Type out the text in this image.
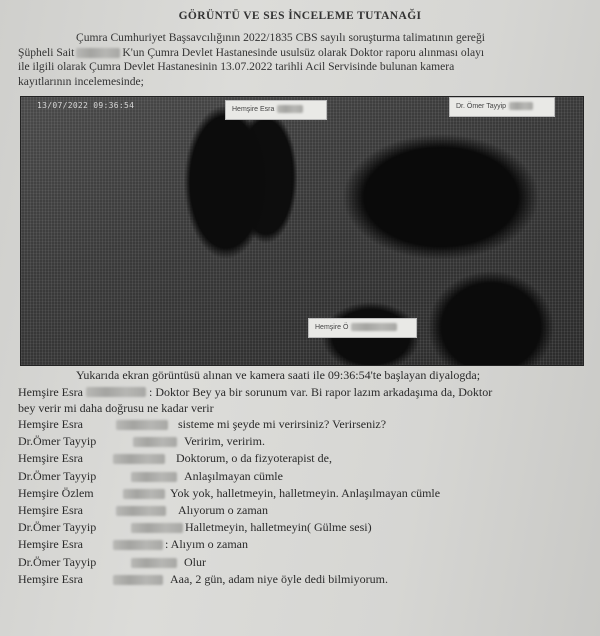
GÖRÜNTÜ VE SES İNCELEME TUTANAĞI
Çumra Cumhuriyet Başsavcılığının 2022/1835 CBS sayılı soruşturma talimatının gereği
Şüpheli Sait	K'un Çumra Devlet Hastanesinde usulsüz olarak Doktor raporu alınması olayı
ile ilgili olarak Çumra Devlet Hastanesinin 13.07.2022 tarihli Acil Servisinde bulunan kamera
kayıtlarının incelemesinde;
13/07/2022 09:36:54	Hemşire Esra	Dr. Ömer Tayyip
Hemşire Ö
Yukarıda ekran görüntüsü alınan ve kamera saati ile 09:36:54'te başlayan diyalogda;
Hemşire Esra	: Doktor Bey ya bir sorunum var. Bi rapor lazım arkadaşıma da, Doktor
bey verir mi daha doğrusu ne kadar verir
Hemşire Esra	sisteme mi şeyde mi verirsiniz? Verirseniz?
Dr.Ömer Tayyip	Veririm, veririm.
Hemşire Esra	Doktorum, o da fizyoterapist de,
Dr.Ömer Tayyip	Anlaşılmayan cümle
Hemşire Özlem	Yok yok, halletmeyin, halletmeyin. Anlaşılmayan cümle
Hemşire Esra	Alıyorum o zaman
Dr.Ömer Tayyip	Halletmeyin, halletmeyin( Gülme sesi)
Hemşire Esra	: Alıyım o zaman
Dr.Ömer Tayyip	Olur
Hemşire Esra	Aaa, 2 gün, adam niye öyle dedi bilmiyorum.
